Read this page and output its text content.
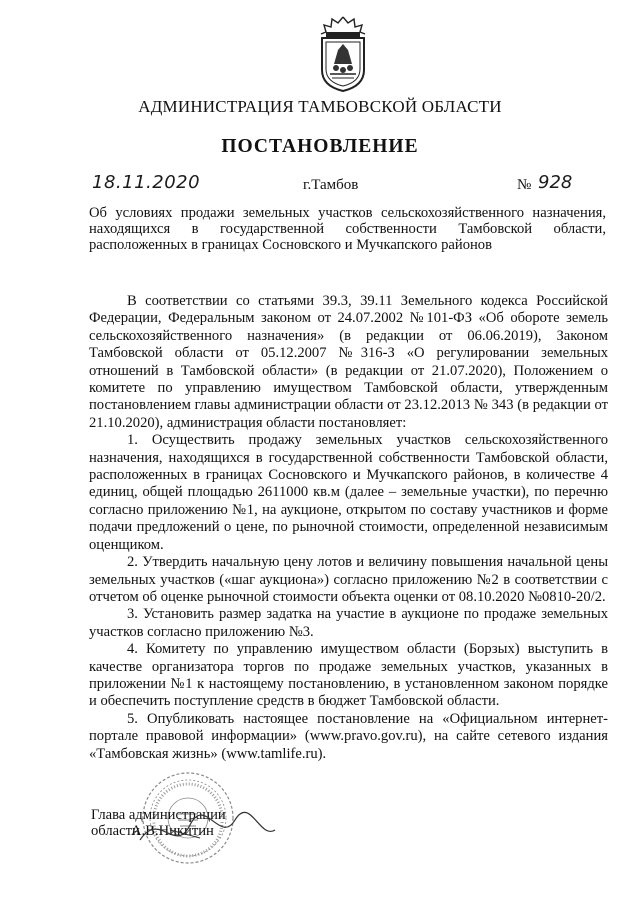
АДМИНИСТРАЦИЯ ТАМБОВСКОЙ ОБЛАСТИ
ПОСТАНОВЛЕНИЕ
18.11.2020	г.Тамбов	№ 928
Об условиях продажи земельных участков сельскохозяйственного назначения, находящихся в государственной собственности Тамбовской области, расположенных в границах Сосновского и Мучкапского районов

В соответствии со статьями 39.3, 39.11 Земельного кодекса Российской Федерации, Федеральным законом от 24.07.2002 №101-ФЗ «Об обороте земель сельскохозяйственного назначения» (в редакции от 06.06.2019), Законом Тамбовской области от 05.12.2007 №316-З «О регулировании земельных отношений в Тамбовской области» (в редакции от 21.07.2020), Положением о комитете по управлению имуществом Тамбовской области, утвержденным постановлением главы администрации области от 23.12.2013 № 343 (в редакции от 21.10.2020), администрация области постановляет:

1. Осуществить продажу земельных участков сельскохозяйственного назначения, находящихся в государственной собственности Тамбовской области, расположенных в границах Сосновского и Мучкапского районов, в количестве 4 единиц, общей площадью 2611000 кв.м (далее – земельные участки), по перечню согласно приложению №1, на аукционе, открытом по составу участников и форме подачи предложений о цене, по рыночной стоимости, определенной независимым оценщиком.

2. Утвердить начальную цену лотов и величину повышения начальной цены земельных участков («шаг аукциона») согласно приложению №2 в соответствии с отчетом об оценке рыночной стоимости объекта оценки от 08.10.2020 №0810-20/2.

3. Установить размер задатка на участие в аукционе по продаже земельных участков согласно приложению №3.

4. Комитету по управлению имуществом области (Борзых) выступить в качестве организатора торгов по продаже земельных участков, указанных в приложении №1 к настоящему постановлению, в установленном законом порядке и обеспечить поступление средств в бюджет Тамбовской области.

5. Опубликовать настоящее постановление на «Официальном интернет-портале правовой информации» (www.pravo.gov.ru), на сайте сетевого издания «Тамбовская жизнь» (www.tamlife.ru).

Глава администрации
области
А.В.Никитин
